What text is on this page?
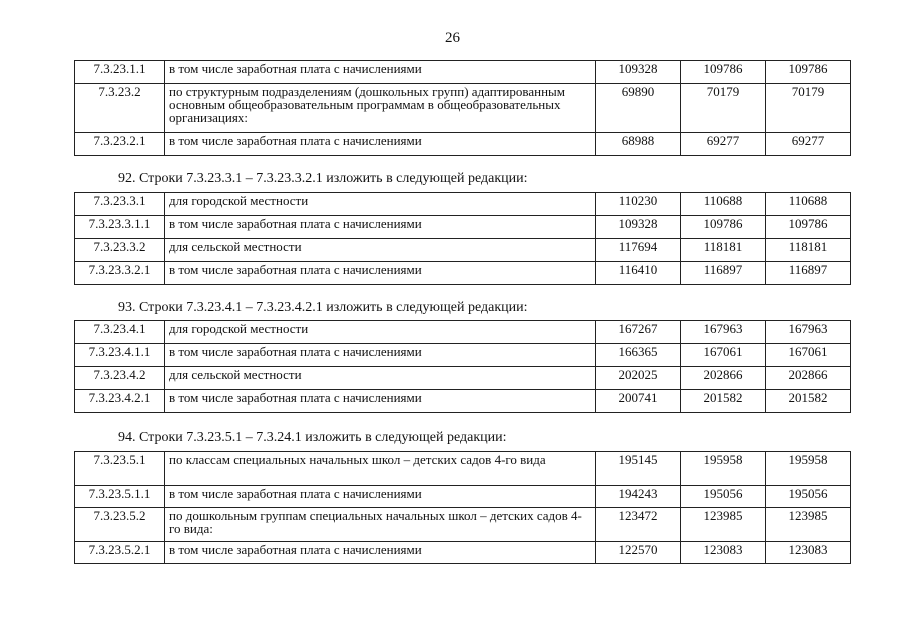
26
7.3.23.1.1	в том числе заработная плата с начислениями	109328	109786	109786
7.3.23.2	по структурным подразделениям (дошкольных групп) адаптированным основным общеобразовательным программам в общеобразовательных организациях:	69890	70179	70179
7.3.23.2.1	в том числе заработная плата с начислениями	68988	69277	69277
92. Строки 7.3.23.3.1 – 7.3.23.3.2.1 изложить в следующей редакции:
7.3.23.3.1	для городской местности	110230	110688	110688
7.3.23.3.1.1	в том числе заработная плата с начислениями	109328	109786	109786
7.3.23.3.2	для сельской местности	117694	118181	118181
7.3.23.3.2.1	в том числе заработная плата с начислениями	116410	116897	116897
93. Строки 7.3.23.4.1 – 7.3.23.4.2.1 изложить в следующей редакции:
7.3.23.4.1	для городской местности	167267	167963	167963
7.3.23.4.1.1	в том числе заработная плата с начислениями	166365	167061	167061
7.3.23.4.2	для сельской местности	202025	202866	202866
7.3.23.4.2.1	в том числе заработная плата с начислениями	200741	201582	201582
94. Строки 7.3.23.5.1 – 7.3.24.1 изложить в следующей редакции:
7.3.23.5.1	по классам специальных начальных школ – детских садов 4-го вида	195145	195958	195958
7.3.23.5.1.1	в том числе заработная плата с начислениями	194243	195056	195056
7.3.23.5.2	по дошкольным группам специальных начальных школ – детских садов 4-го вида:	123472	123985	123985
7.3.23.5.2.1	в том числе заработная плата с начислениями	122570	123083	123083
